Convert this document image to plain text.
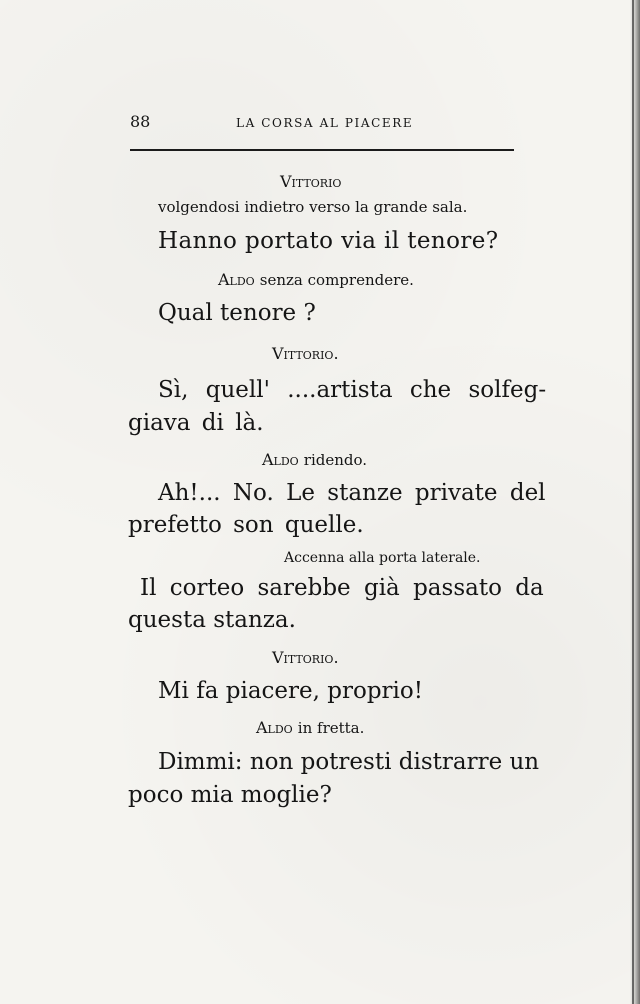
88	LA CORSA AL PIACERE
Vittorio
volgendosi indietro verso la grande sala.
Hanno portato via il tenore?
Aldo senza comprendere.
Qual tenore ?
Vittorio.
Sì, quell' ....artista che solfeg-
giava di là.
Aldo ridendo.
Ah!... No. Le stanze private del
prefetto son quelle.
Accenna alla porta laterale.
Il corteo sarebbe già passato da
questa stanza.
Vittorio.
Mi fa piacere, proprio!
Aldo in fretta.
Dimmi: non potresti distrarre un
poco mia moglie?
